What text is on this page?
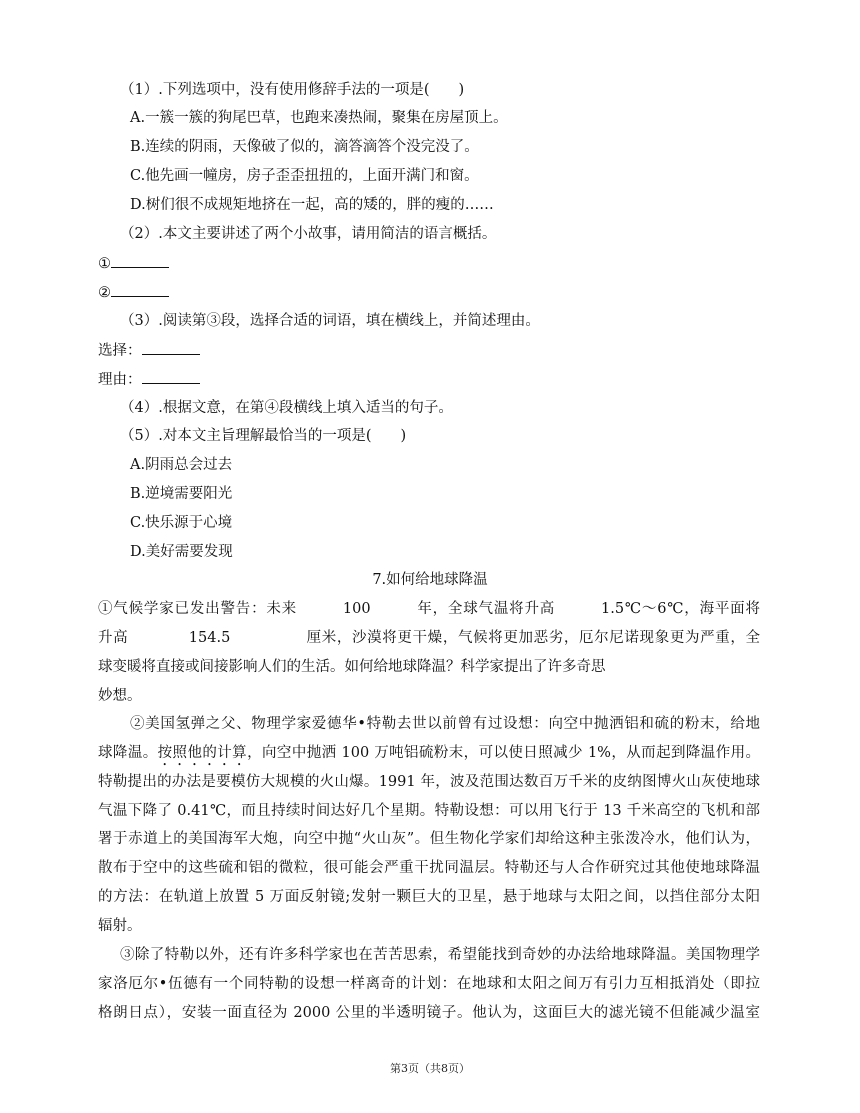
（1）.下列选项中，没有使用修辞手法的一项是(　　)
A.一簇一簇的狗尾巴草，也跑来凑热闹，聚集在房屋顶上。
B.连续的阴雨，天像破了似的，滴答滴答个没完没了。
C.他先画一幢房，房子歪歪扭扭的，上面开满门和窗。
D.树们很不成规矩地挤在一起，高的矮的，胖的瘦的……
（2）.本文主要讲述了两个小故事，请用简洁的语言概括。
①
②
（3）.阅读第③段，选择合适的词语，填在横线上，并简述理由。
选择：
理由：
（4）.根据文意，在第④段横线上填入适当的句子。
（5）.对本文主旨理解最恰当的一项是(　　)
A.阴雨总会过去
B.逆境需要阳光
C.快乐源于心境
D.美好需要发现
7.如何给地球降温
①气候学家已发出警告：未来　　　100　　　年，全球气温将升高　　　1.5℃～6℃，海平面将
升高　　　　154.5　　　　　厘米，沙漠将更干燥，气候将更加恶劣，厄尔尼诺现象更为严重，全
球变暖将直接或间接影响人们的生活。如何给地球降温？科学家提出了许多奇思
妙想。
②美国氢弹之父、物理学家爱德华•特勒去世以前曾有过设想：向空中抛洒铝和硫的粉末，给地
球降温。按照他的计算，向空中抛洒 100 万吨铝硫粉末，可以使日照减少 1%，从而起到降温作用。
特勒提出的办法是要模仿大规模的火山爆。1991 年，波及范围达数百万千米的皮纳图博火山灰使地球
气温下降了 0.41℃，而且持续时间达好几个星期。特勒设想：可以用飞行于 13 千米高空的飞机和部
署于赤道上的美国海军大炮，向空中抛“火山灰”。但生物化学家们却给这种主张泼冷水，他们认为，
散布于空中的这些硫和铝的微粒，很可能会严重干扰同温层。特勒还与人合作研究过其他使地球降温
的方法：在轨道上放置 5 万面反射镜;发射一颗巨大的卫星，悬于地球与太阳之间，以挡住部分太阳
辐射。
③除了特勒以外，还有许多科学家也在苦苦思索，希望能找到奇妙的办法给地球降温。美国物理学
家洛厄尔•伍德有一个同特勒的设想一样离奇的计划：在地球和太阳之间万有引力互相抵消处（即拉
格朗日点），安装一面直径为 2000 公里的半透明镜子。他认为，这面巨大的滤光镜不但能减少温室
第3页（共8页）
